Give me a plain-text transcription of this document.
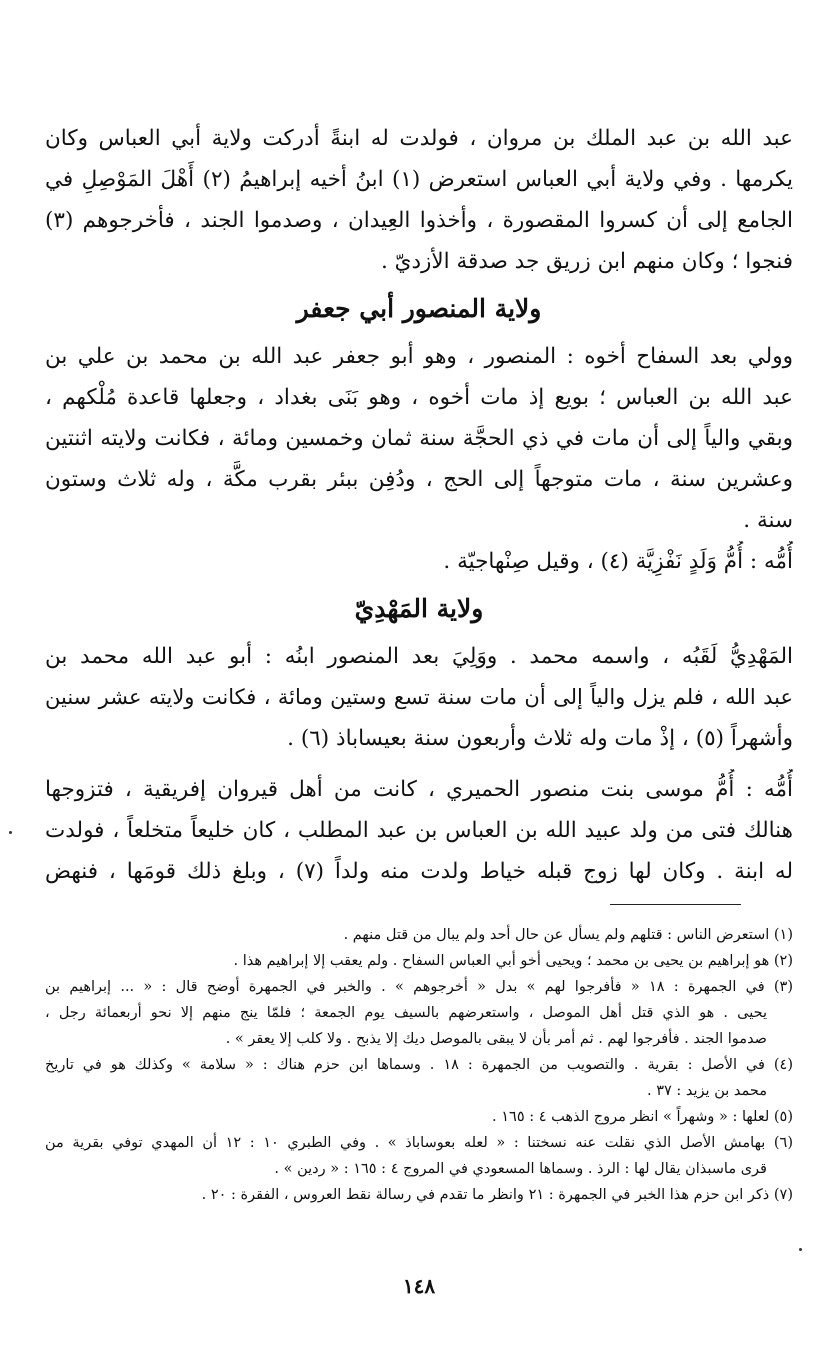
عبد الله بن عبد الملك بن مروان ، فولدت له ابنةً أدركت ولاية أبي العباس وكان
يكرمها . وفي ولاية أبي العباس استعرض (١) ابنُ أخيه إبراهيمُ (٢) أَهْلَ المَوْصِلِ في
الجامع إلى أن كسروا المقصورة ، وأخذوا العِيدان ، وصدموا الجند ، فأخرجوهم (٣)
فنجوا ؛ وكان منهم ابن زريق جد صدقة الأزديّ .
ولاية المنصور أبي جعفر
وولي بعد السفاح أخوه : المنصور ، وهو أبو جعفر عبد الله بن محمد بن علي بن
عبد الله بن العباس ؛ بويع إذ مات أخوه ، وهو بَنَى بغداد ، وجعلها قاعدة مُلْكهم ،
وبقي والياً إلى أن مات في ذي الحجَّة سنة ثمان وخمسين ومائة ، فكانت ولايته اثنتين
وعشرين سنة ، مات متوجهاً إلى الحج ، ودُفِن ببئر بقرب مكَّة ، وله ثلاث وستون
سنة .
أُمُّه : أُمُّ وَلَدٍ نَفْزِيَّة (٤) ، وقيل صِنْهاجيّة .
ولاية المَهْدِيّ
المَهْدِيُّ لَقَبُه ، واسمه محمد . ووَلِيَ بعد المنصور ابنُه : أبو عبد الله محمد بن
عبد الله ، فلم يزل والياً إلى أن مات سنة تسع وستين ومائة ، فكانت ولايته عشر سنين
وأشهراً (٥) ، إذْ مات وله ثلاث وأربعون سنة بعيساباذ (٦) .
أُمُّه : أُمُّ موسى بنت منصور الحميري ، كانت من أهل قيروان إفريقية ، فتزوجها
هنالك فتى من ولد عبيد الله بن العباس بن عبد المطلب ، كان خليعاً متخلعاً ، فولدت
له ابنة . وكان لها زوج قبله خياط ولدت منه ولداً (٧) ، وبلغ ذلك قومَها ، فنهض
(١) استعرض الناس : قتلهم ولم يسأل عن حال أحد ولم يبال من قتل منهم .
(٢) هو إبراهيم بن يحيى بن محمد ؛ ويحيى أخو أبي العباس السفاح . ولم يعقب إلا إبراهيم هذا .
(٣) في الجمهرة : ١٨ « فأفرجوا لهم » بدل « أخرجوهم » . والخبر في الجمهرة أوضح قال : « ... إبراهيم بن
يحيى . هو الذي قتل أهل الموصل ، واستعرضهم بالسيف يوم الجمعة ؛ فلمّا ينج منهم إلا نحو أربعمائة رجل ،
صدموا الجند . فأفرجوا لهم . ثم أمر بأن لا يبقى بالموصل ديك إلا يذبح . ولا كلب إلا يعقر » .
(٤) في الأصل : بقرية . والتصويب من الجمهرة : ١٨ . وسماها ابن حزم هناك : « سلامة » وكذلك هو في تاريخ
محمد بن يزيد : ٣٧ .
(٥) لعلها : « وشهراً » انظر مروج الذهب ٤ : ١٦٥ .
(٦) بهامش الأصل الذي نقلت عنه نسختنا : « لعله بعوساباذ » . وفي الطبري ١٠ : ١٢ أن المهدي توفي بقرية من
قرى ماسبذان يقال لها : الرذ . وسماها المسعودي في المروج ٤ : ١٦٥ : « ردين » .
(٧) ذكر ابن حزم هذا الخبر في الجمهرة : ٢١ وانظر ما تقدم في رسالة نقط العروس ، الفقرة : ٢٠ .
١٤٨
